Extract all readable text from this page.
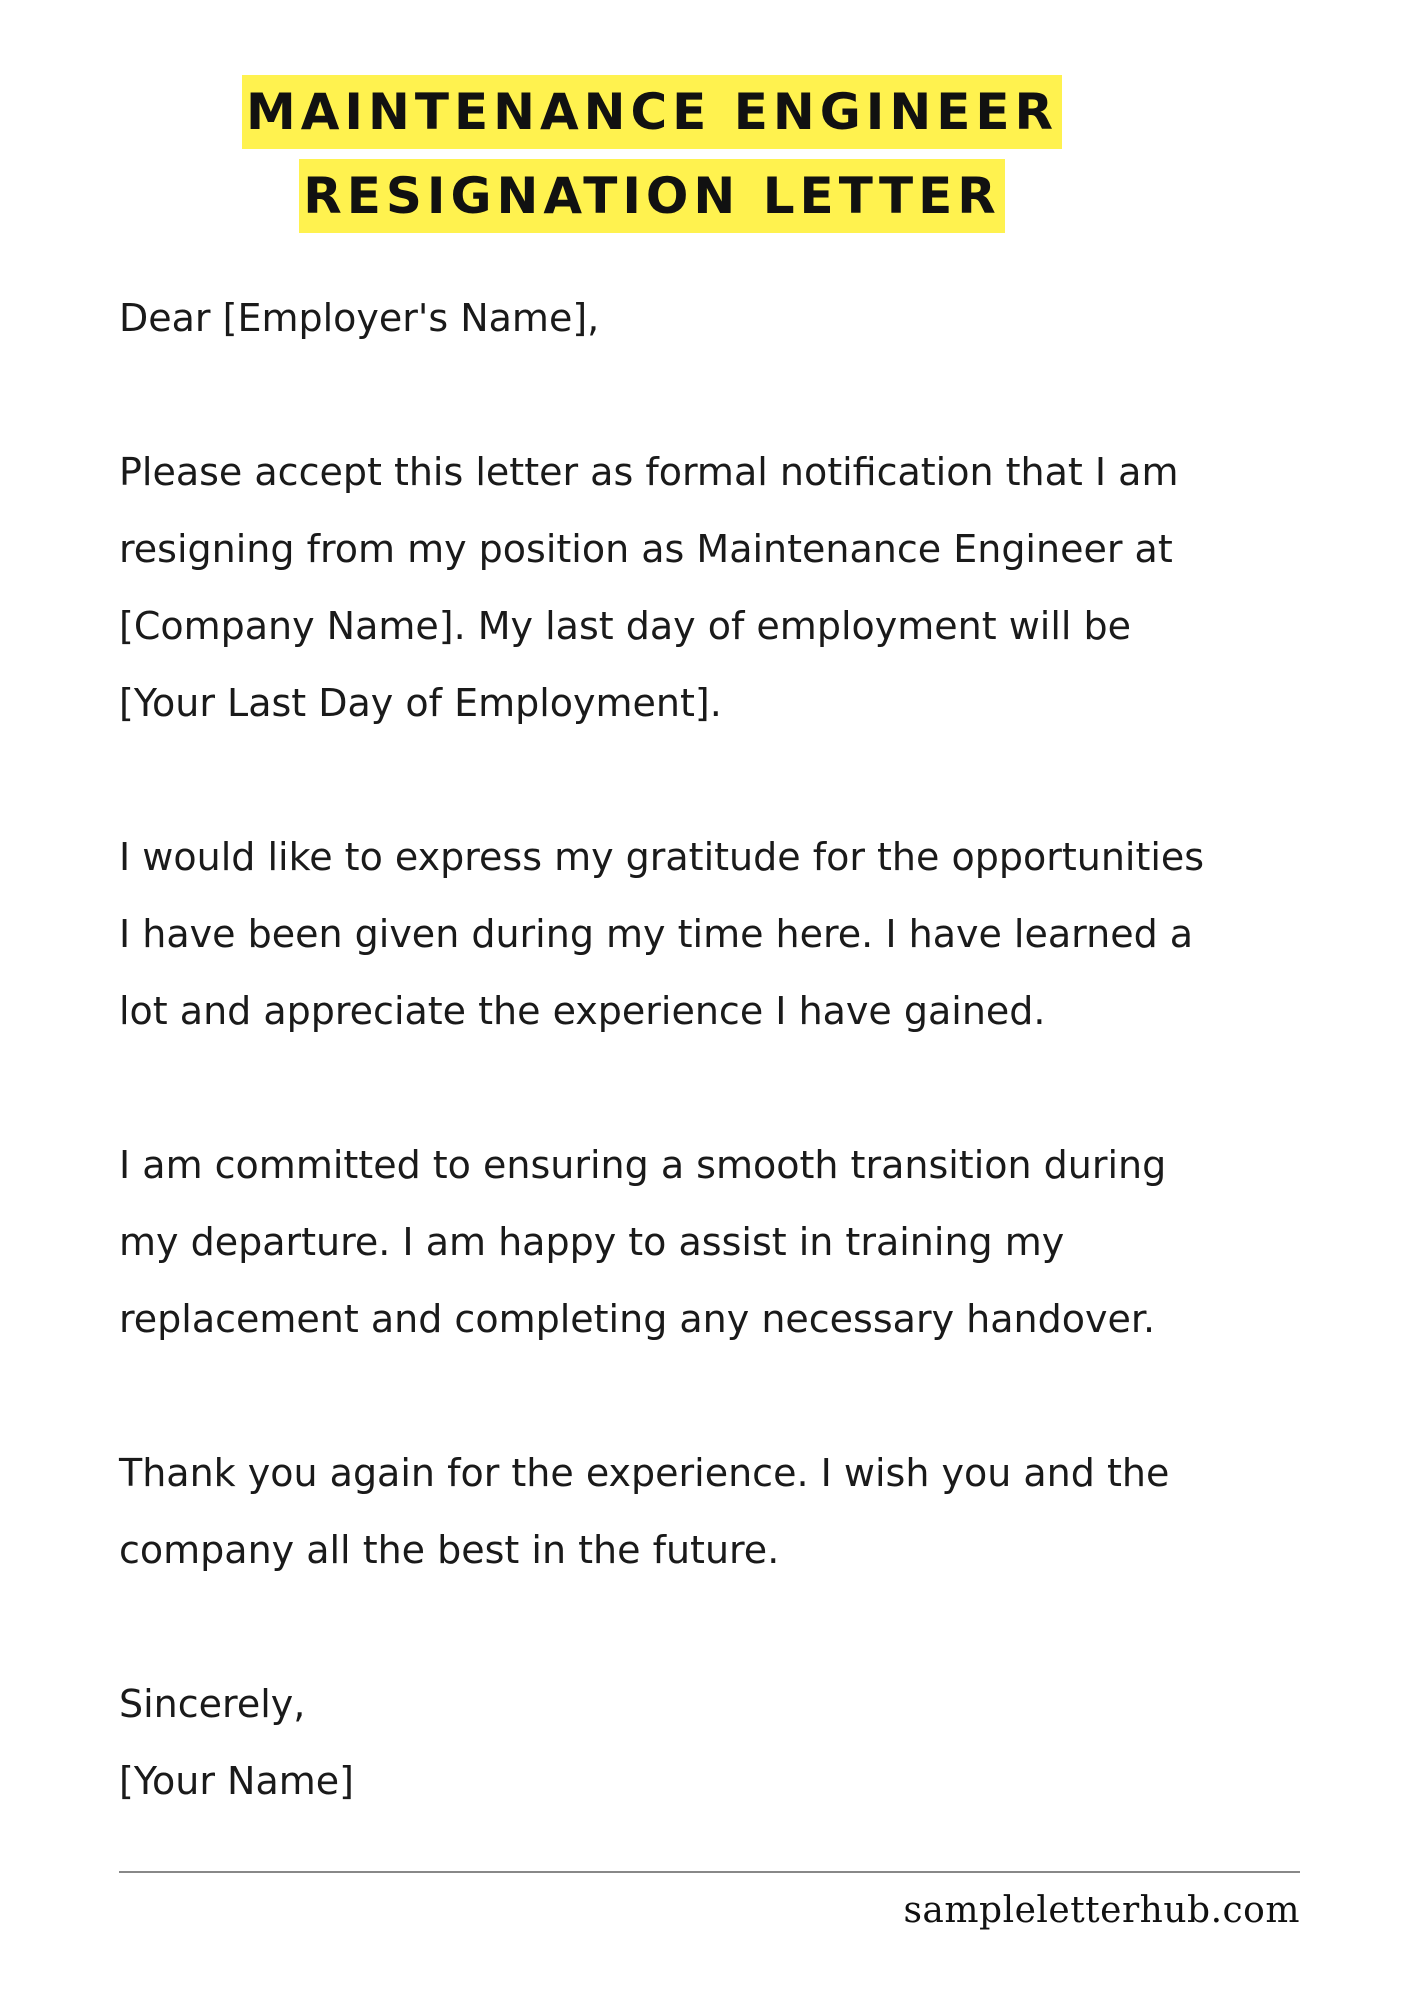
MAINTENANCE ENGINEER
RESIGNATION LETTER

Dear [Employer's Name],

Please accept this letter as formal notification that I am
resigning from my position as Maintenance Engineer at
[Company Name]. My last day of employment will be
[Your Last Day of Employment].

I would like to express my gratitude for the opportunities
I have been given during my time here. I have learned a
lot and appreciate the experience I have gained.

I am committed to ensuring a smooth transition during
my departure. I am happy to assist in training my
replacement and completing any necessary handover.

Thank you again for the experience. I wish you and the
company all the best in the future.

Sincerely,
[Your Name]

sampleletterhub.com
